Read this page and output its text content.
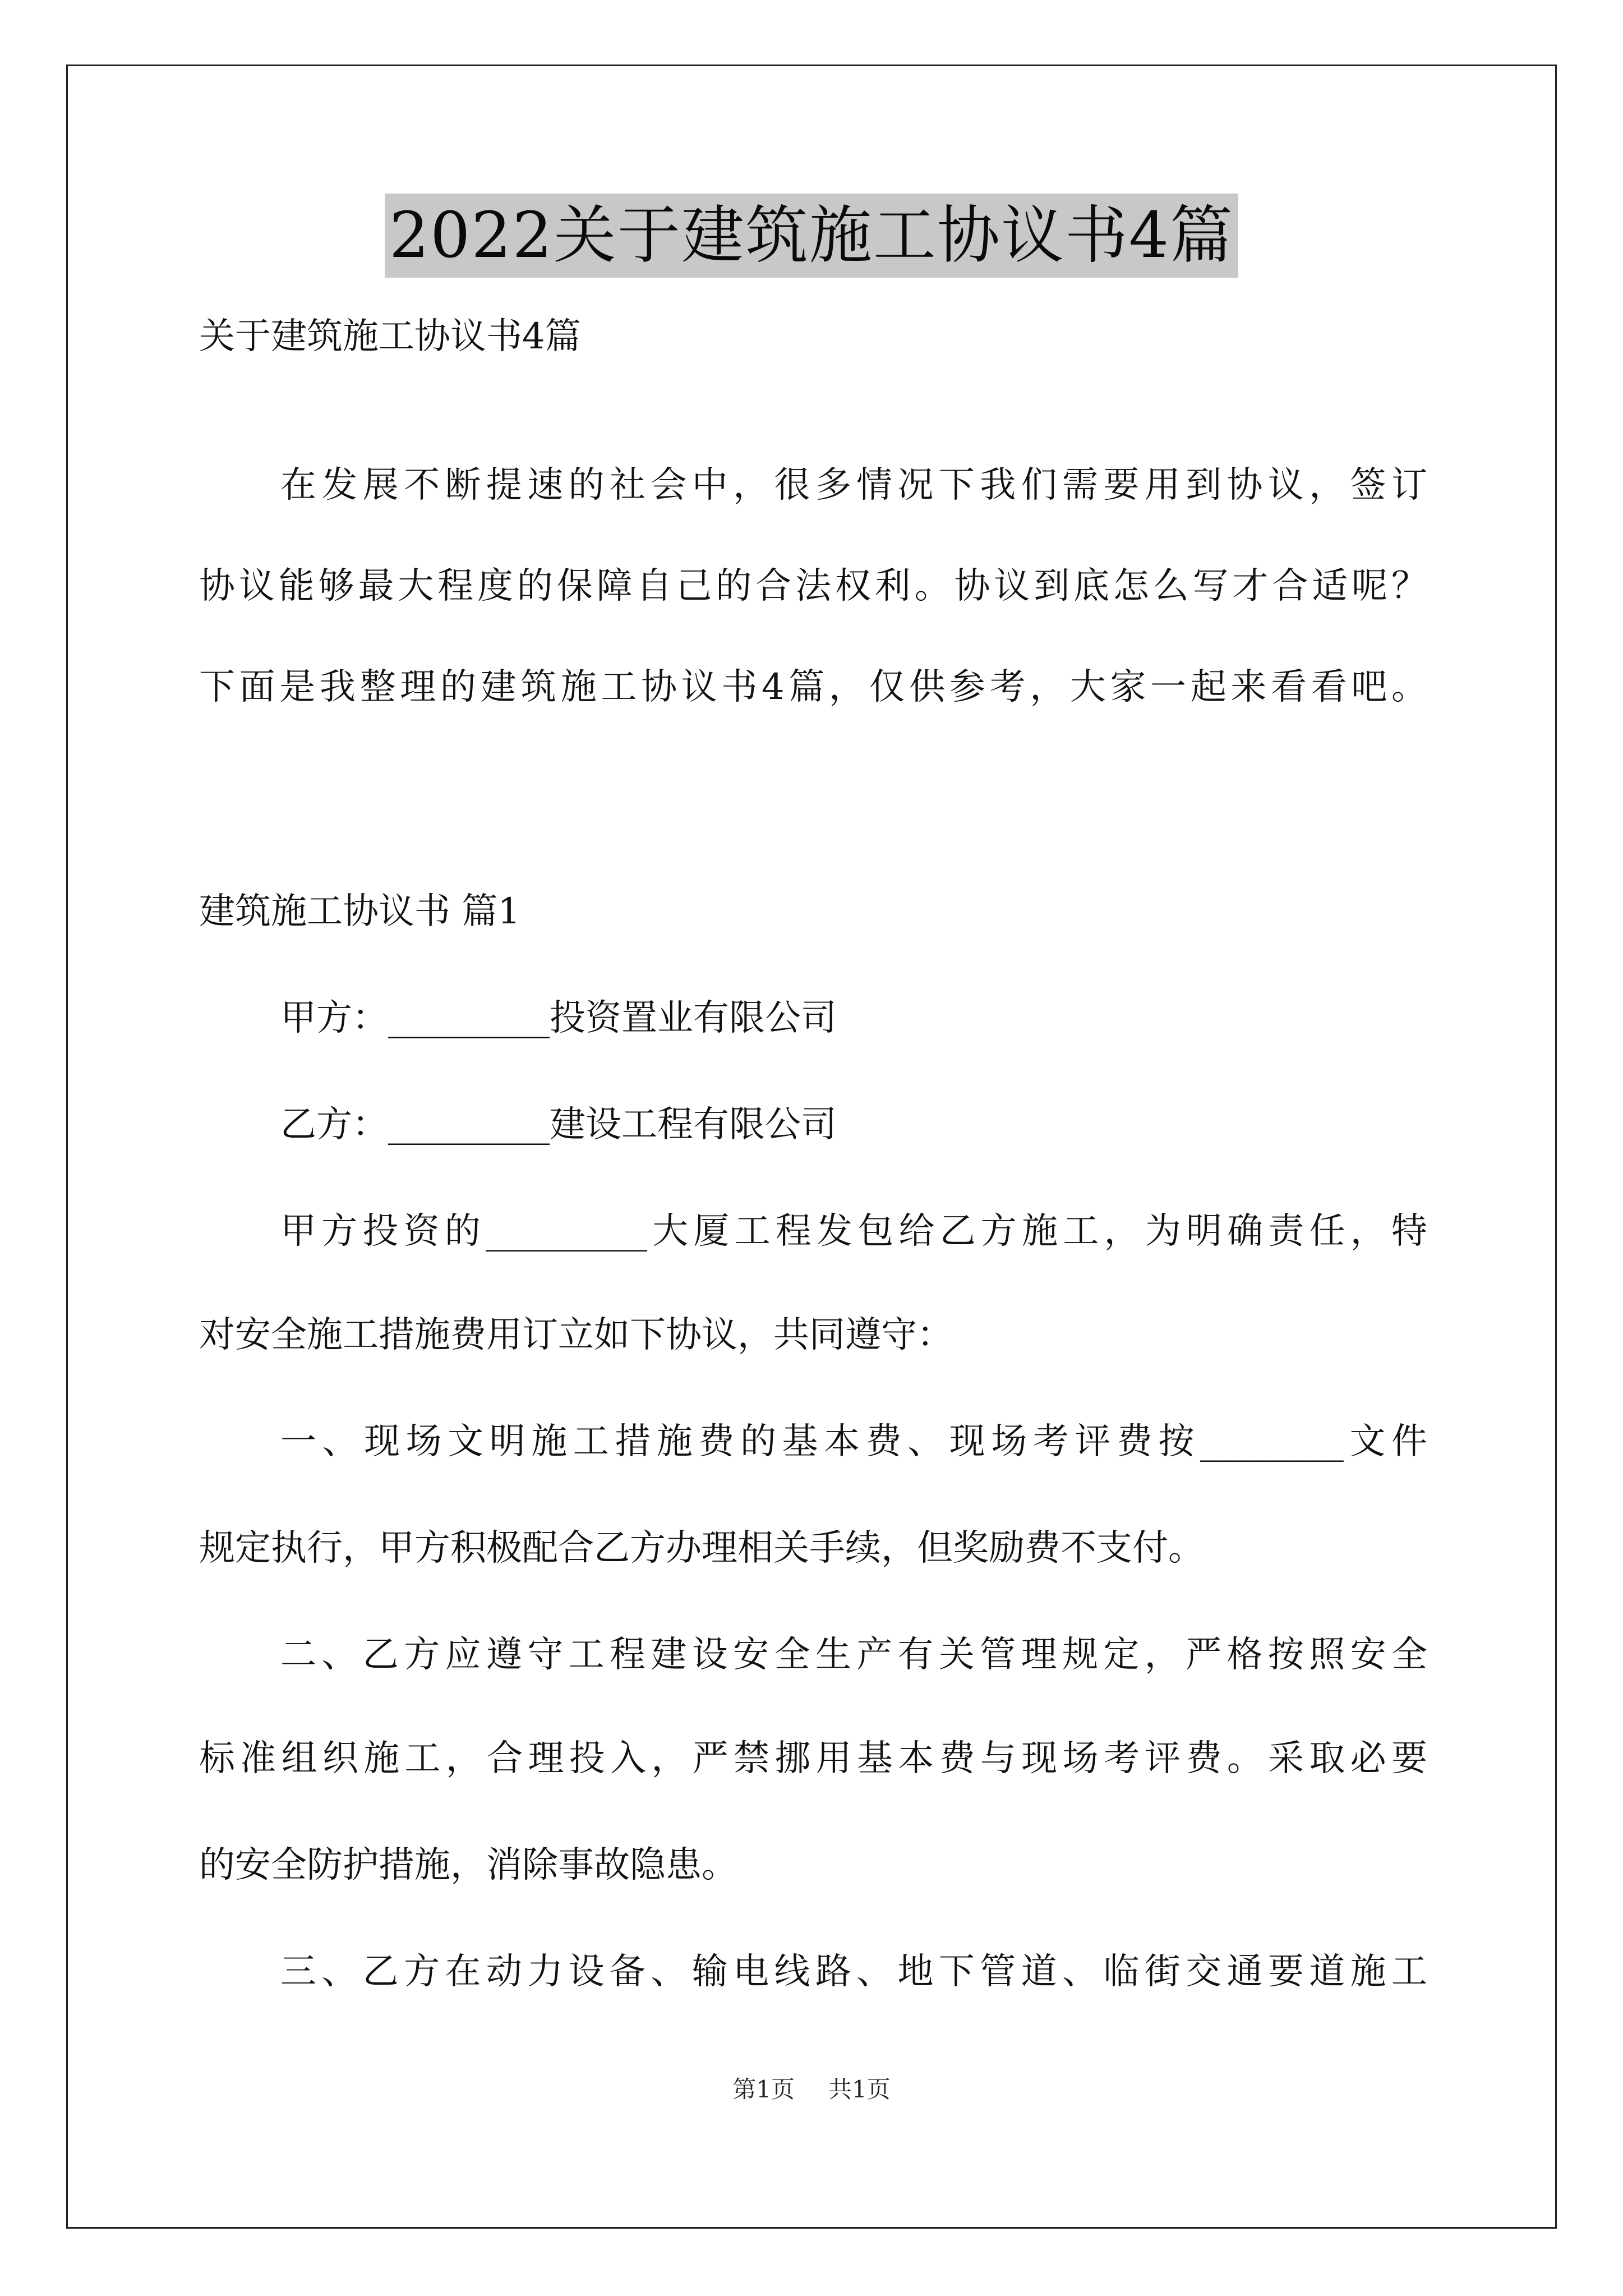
2022关于建筑施工协议书4篇
关于建筑施工协议书4篇
在发展不断提速的社会中，很多情况下我们需要用到协议，签订
协议能够最大程度的保障自己的合法权利。协议到底怎么写才合适呢？
下面是我整理的建筑施工协议书4篇，仅供参考，大家一起来看看吧。
建筑施工协议书 篇1
甲方：_________投资置业有限公司
乙方：_________建设工程有限公司
甲方投资的_________大厦工程发包给乙方施工，为明确责任，特
对安全施工措施费用订立如下协议，共同遵守：
一、现场文明施工措施费的基本费、现场考评费按________文件
规定执行，甲方积极配合乙方办理相关手续，但奖励费不支付。
二、乙方应遵守工程建设安全生产有关管理规定，严格按照安全
标准组织施工，合理投入，严禁挪用基本费与现场考评费。采取必要
的安全防护措施，消除事故隐患。
三、乙方在动力设备、输电线路、地下管道、临街交通要道施工
第1页 共1页
